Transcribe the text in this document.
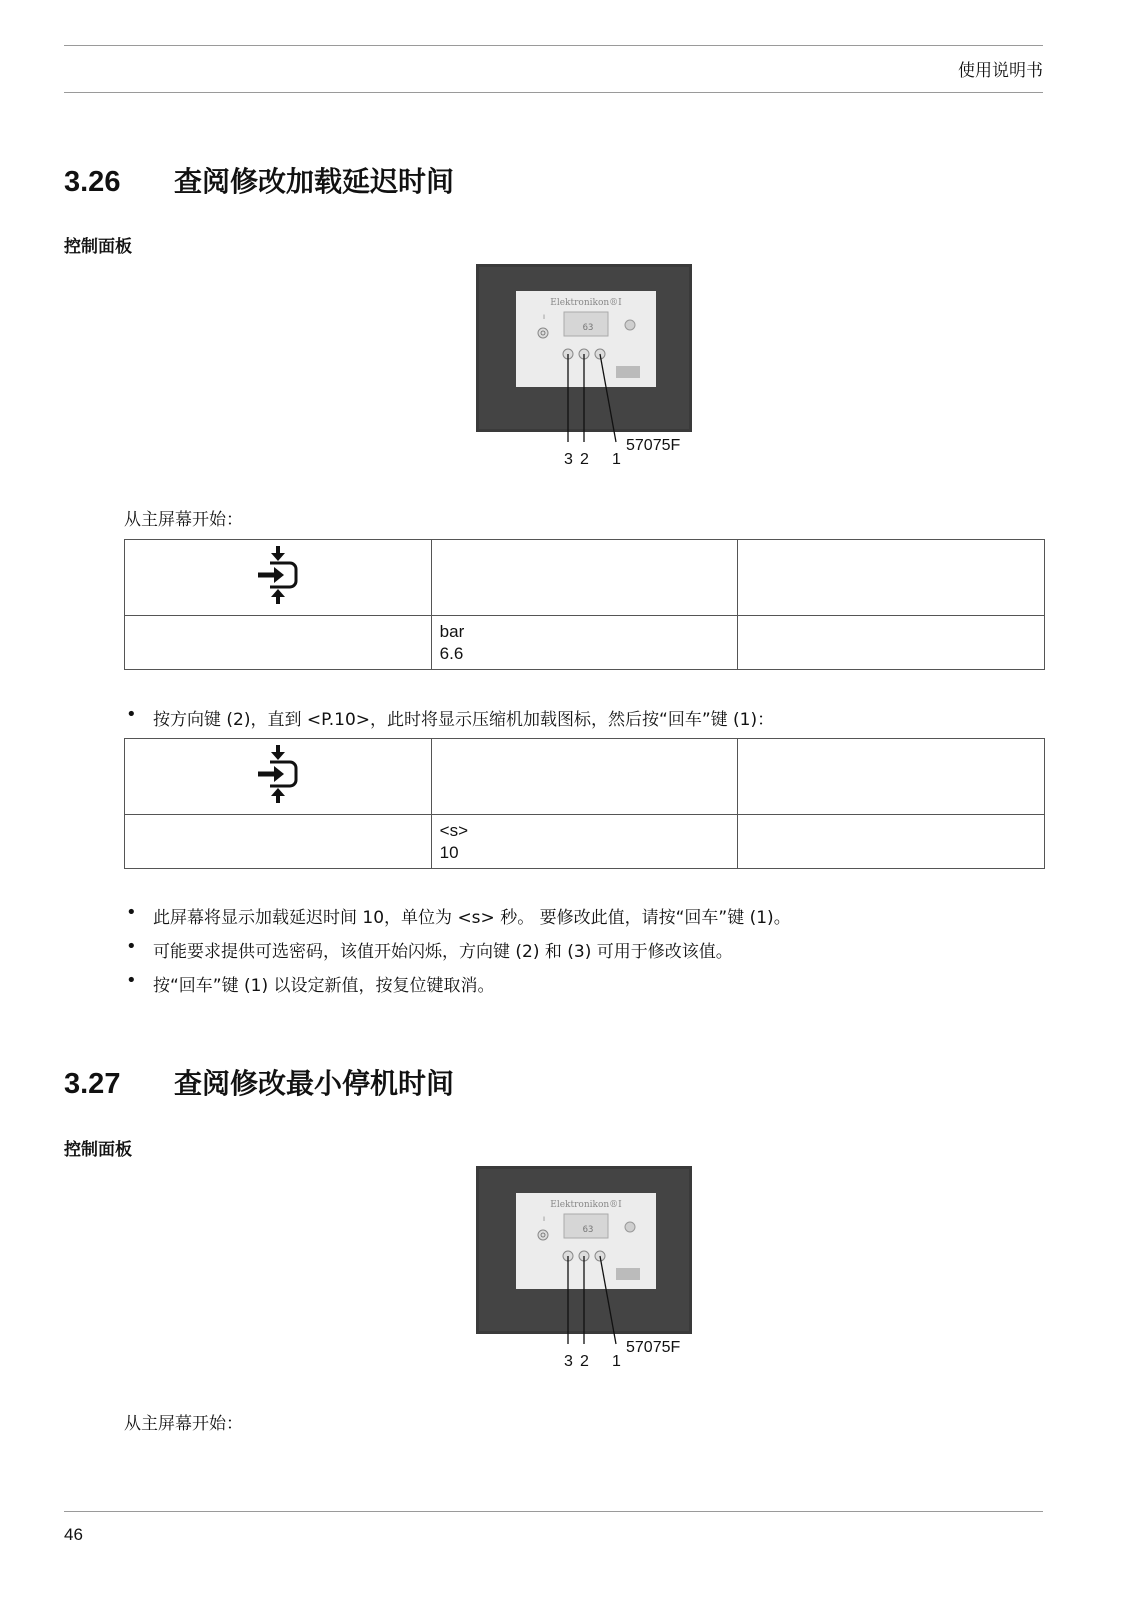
使用说明书
3.26 查阅修改加载延迟时间
控制面板
Elektronikon®I
I
63
3 2 1
57075F
从主屏幕开始：

	bar
6.6	

• 按方向键 (2)，直到 <P.10>，此时将显示压缩机加载图标，然后按“回车”键 (1)：

	<s>
10	

• 此屏幕将显示加载延迟时间 10，单位为 <s> 秒。 要修改此值，请按“回车”键 (1)。
• 可能要求提供可选密码，该值开始闪烁，方向键 (2) 和 (3) 可用于修改该值。
• 按“回车”键 (1) 以设定新值，按复位键取消。
3.27 查阅修改最小停机时间
控制面板
Elektronikon®I
I
63
3 2 1
57075F
从主屏幕开始：
46
